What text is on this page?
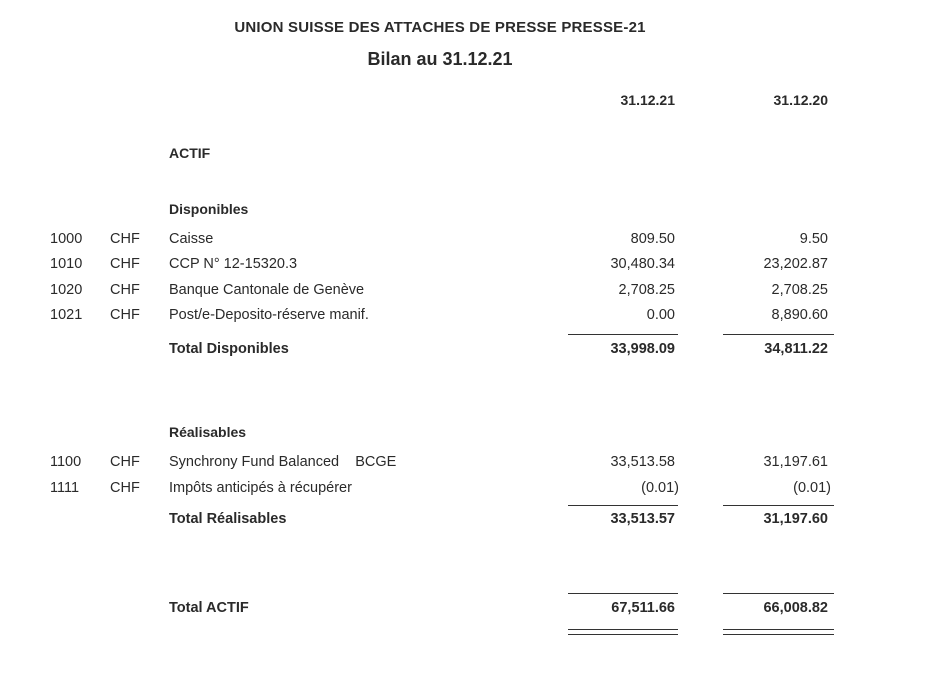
UNION SUISSE DES ATTACHES DE PRESSE PRESSE-21
Bilan au 31.12.21
31.12.21	31.12.20
ACTIF
Disponibles
1000 CHF Caisse	809.50	9.50
1010 CHF CCP N° 12-15320.3	30,480.34	23,202.87
1020 CHF Banque Cantonale de Genève	2,708.25	2,708.25
1021 CHF Post/e-Deposito-réserve manif.	0.00	8,890.60
Total Disponibles	33,998.09	34,811.22
Réalisables
1100 CHF Synchrony Fund Balanced    BCGE	33,513.58	31,197.61
1111 CHF Impôts anticipés à récupérer	(0.01)	(0.01)
Total Réalisables	33,513.57	31,197.60
Total ACTIF	67,511.66	66,008.82
